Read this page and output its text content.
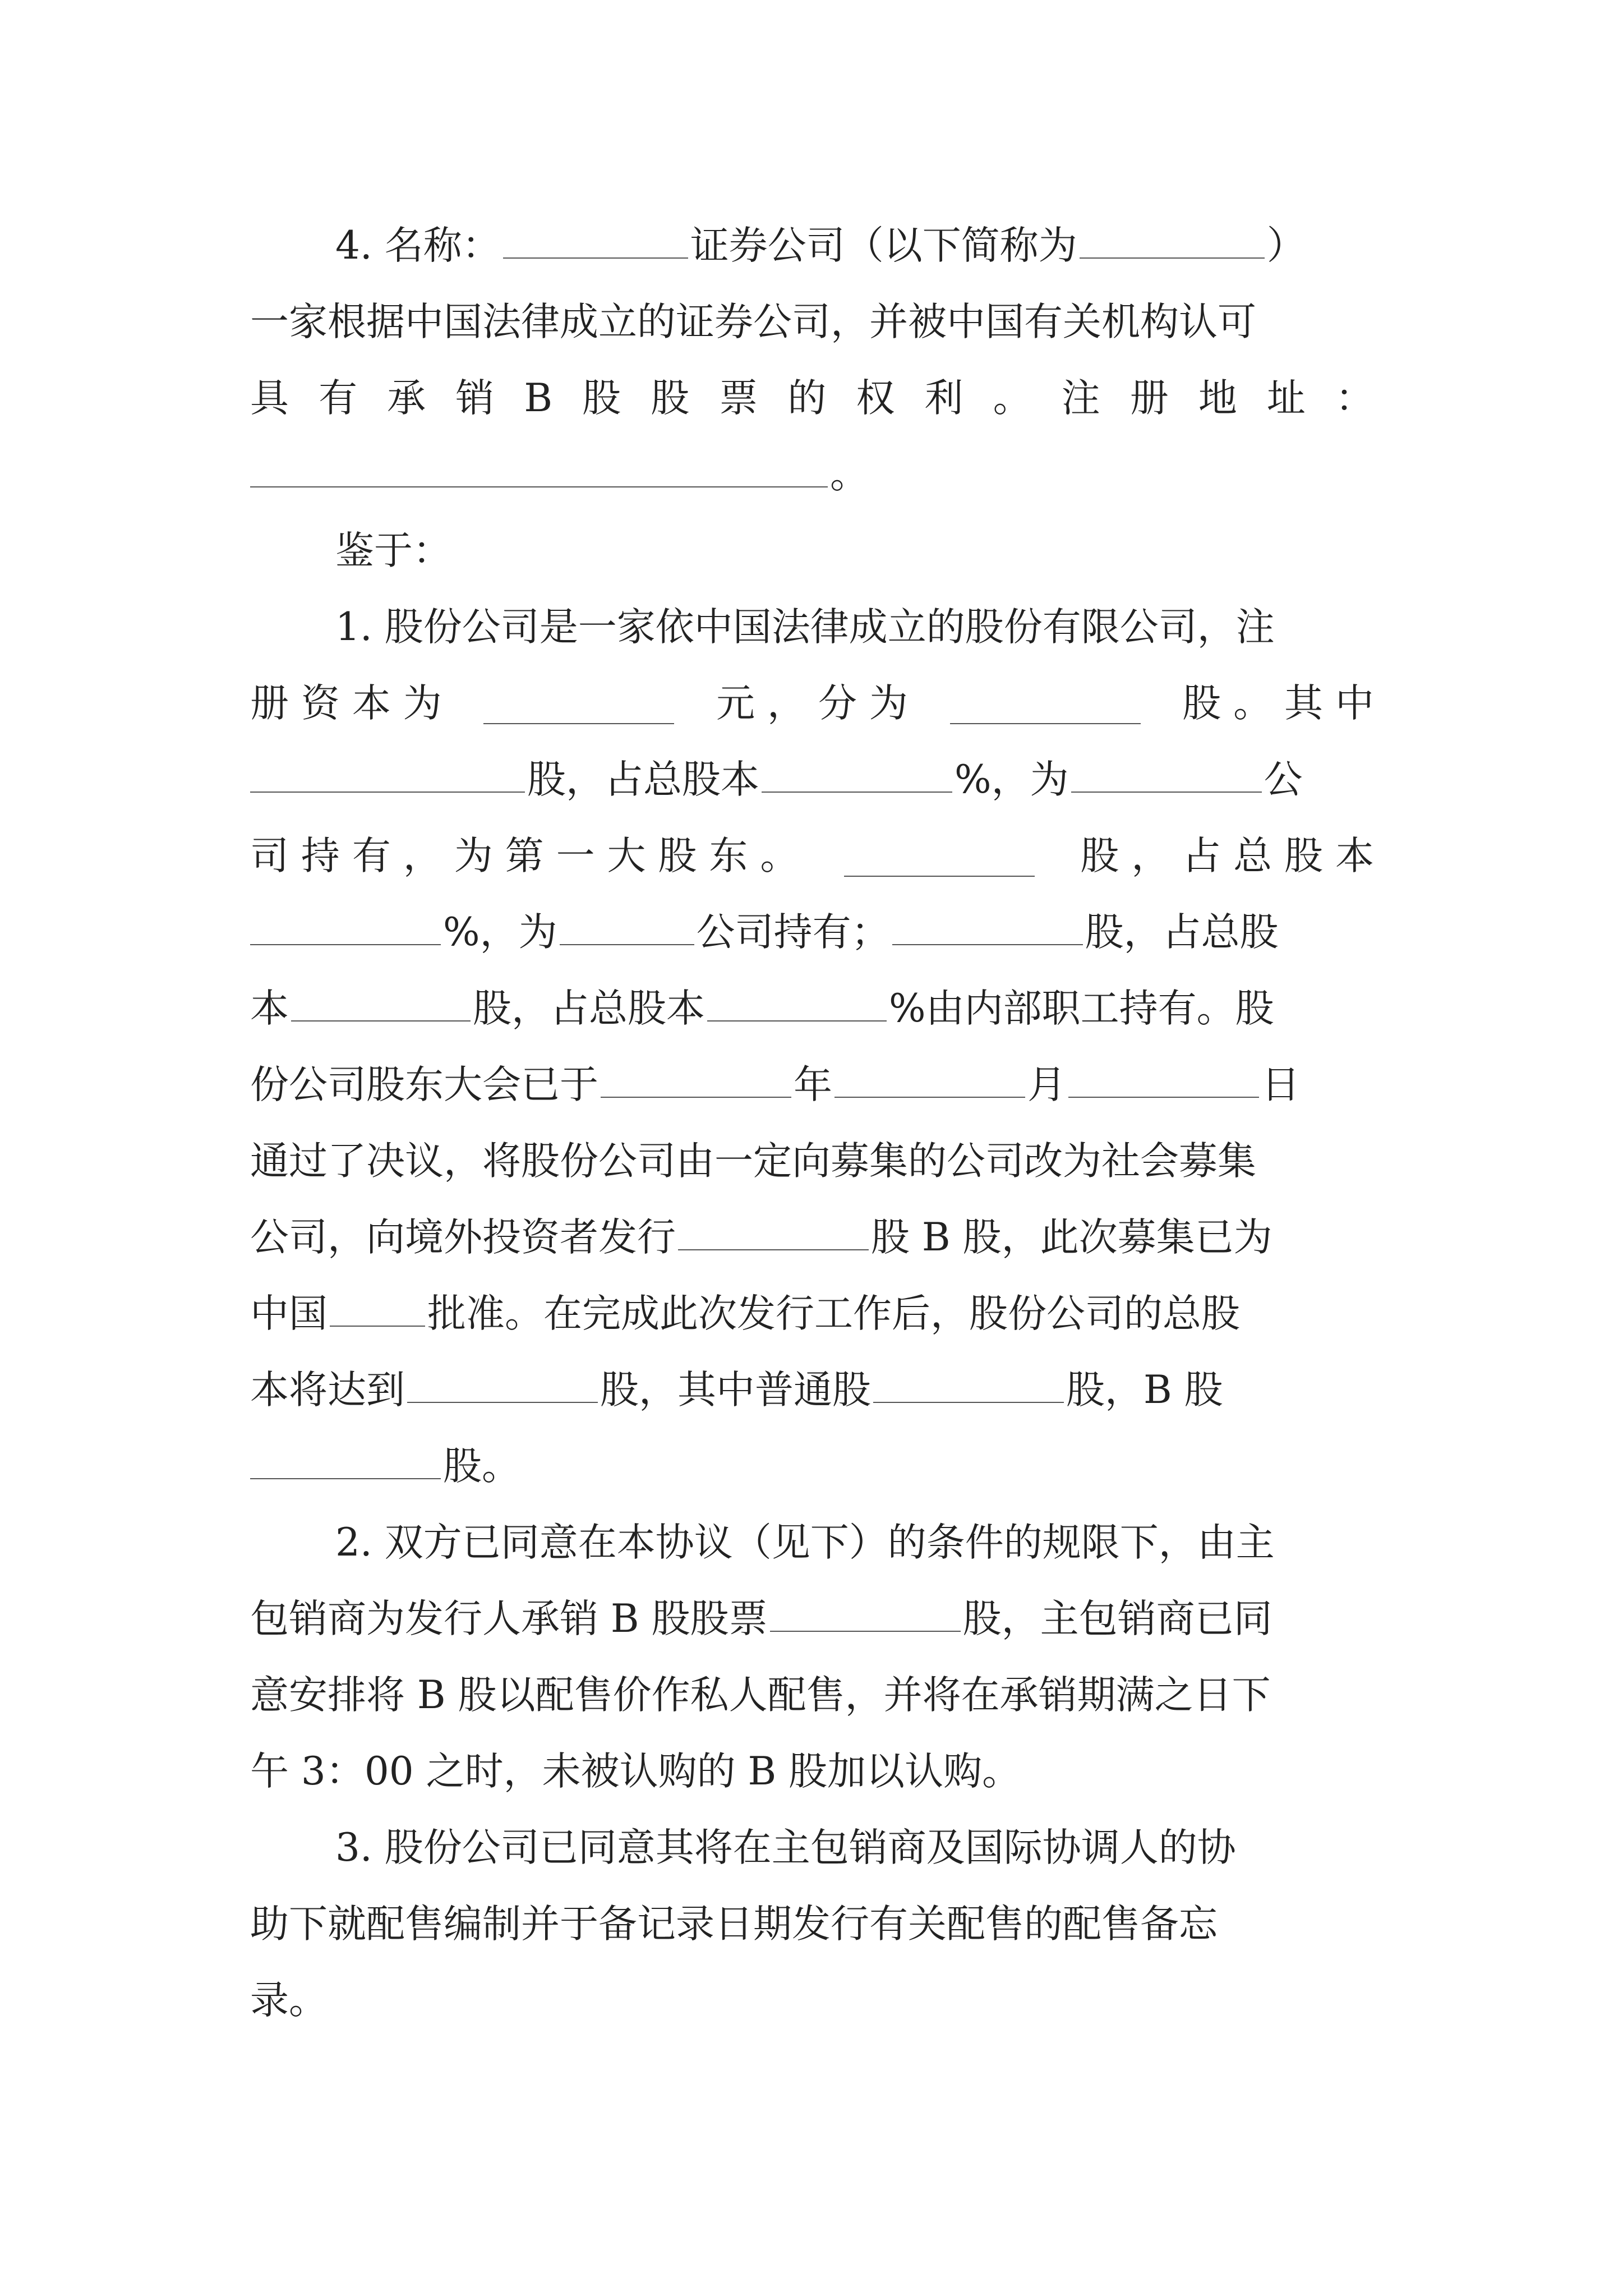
4. 名称：	证券公司（以下简称为	）
一家根据中国法律成立的证券公司，并被中国有关机构认可
具 有 承 销 B 股 股 票 的 权 利 。 注 册 地 址 ：
。
鉴于：
1. 股份公司是一家依中国法律成立的股份有限公司，注
册 资 本 为	元 ， 分 为	股 。 其 中
股，占总股本	%，为	公
司 持 有 ， 为 第 一 大 股 东 。	股 ， 占 总 股 本
%，为	公司持有；	股，占总股
本	股，占总股本	%由内部职工持有。股
份公司股东大会已于	年	月	日
通过了决议，将股份公司由一定向募集的公司改为社会募集
公司，向境外投资者发行	股 B 股，此次募集已为
中国	批准。在完成此次发行工作后，股份公司的总股
本将达到	股，其中普通股	股，B 股
股。
2. 双方已同意在本协议（见下）的条件的规限下，由主
包销商为发行人承销 B 股股票	股，主包销商已同
意安排将 B 股以配售价作私人配售，并将在承销期满之日下
午 3：00 之时，未被认购的 B 股加以认购。
3. 股份公司已同意其将在主包销商及国际协调人的协
助下就配售编制并于备记录日期发行有关配售的配售备忘
录。
